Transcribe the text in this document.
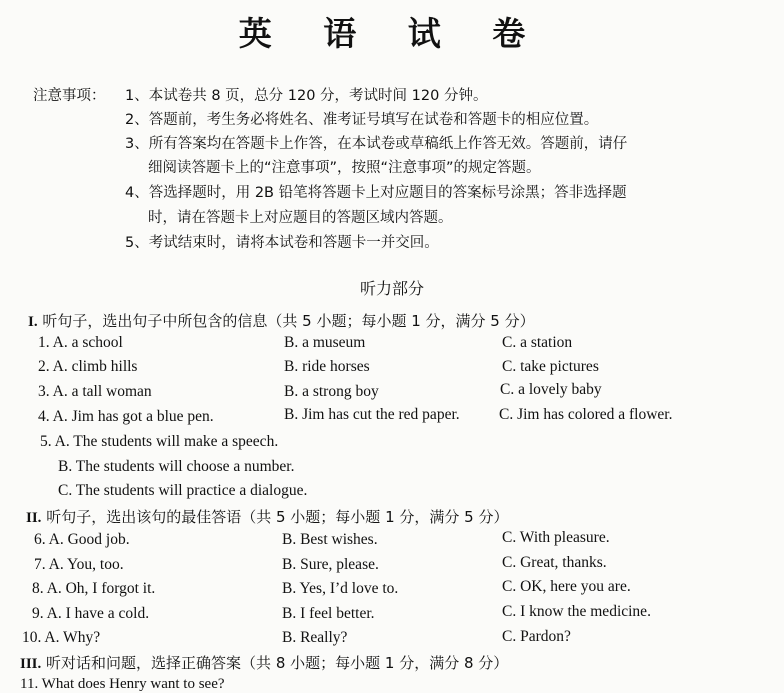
英 语 试 卷
注意事项： 1、本试卷共 8 页，总分 120 分，考试时间 120 分钟。
2、答题前，考生务必将姓名、准考证号填写在试卷和答题卡的相应位置。
3、所有答案均在答题卡上作答，在本试卷或草稿纸上作答无效。答题前，请仔
细阅读答题卡上的“注意事项”，按照“注意事项”的规定答题。
4、答选择题时，用 2B 铅笔将答题卡上对应题目的答案标号涂黑；答非选择题
时，请在答题卡上对应题目的答题区域内答题。
5、考试结束时，请将本试卷和答题卡一并交回。
听力部分
I. 听句子，选出句子中所包含的信息（共 5 小题；每小题 1 分，满分 5 分）
1. A. a school	B. a museum	C. a station
2. A. climb hills	B. ride horses	C. take pictures
3. A. a tall woman	B. a strong boy	C. a lovely baby
4. A. Jim has got a blue pen.	B. Jim has cut the red paper.	C. Jim has colored a flower.
5. A. The students will make a speech.
B. The students will choose a number.
C. The students will practice a dialogue.
II. 听句子，选出该句的最佳答语（共 5 小题；每小题 1 分，满分 5 分）
6. A. Good job.	B. Best wishes.	C. With pleasure.
7. A. You, too.	B. Sure, please.	C. Great, thanks.
8. A. Oh, I forgot it.	B. Yes, I’d love to.	C. OK, here you are.
9. A. I have a cold.	B. I feel better.	C. I know the medicine.
10. A. Why?	B. Really?	C. Pardon?
III. 听对话和问题，选择正确答案（共 8 小题；每小题 1 分，满分 8 分）
11. What does Henry want to see?
